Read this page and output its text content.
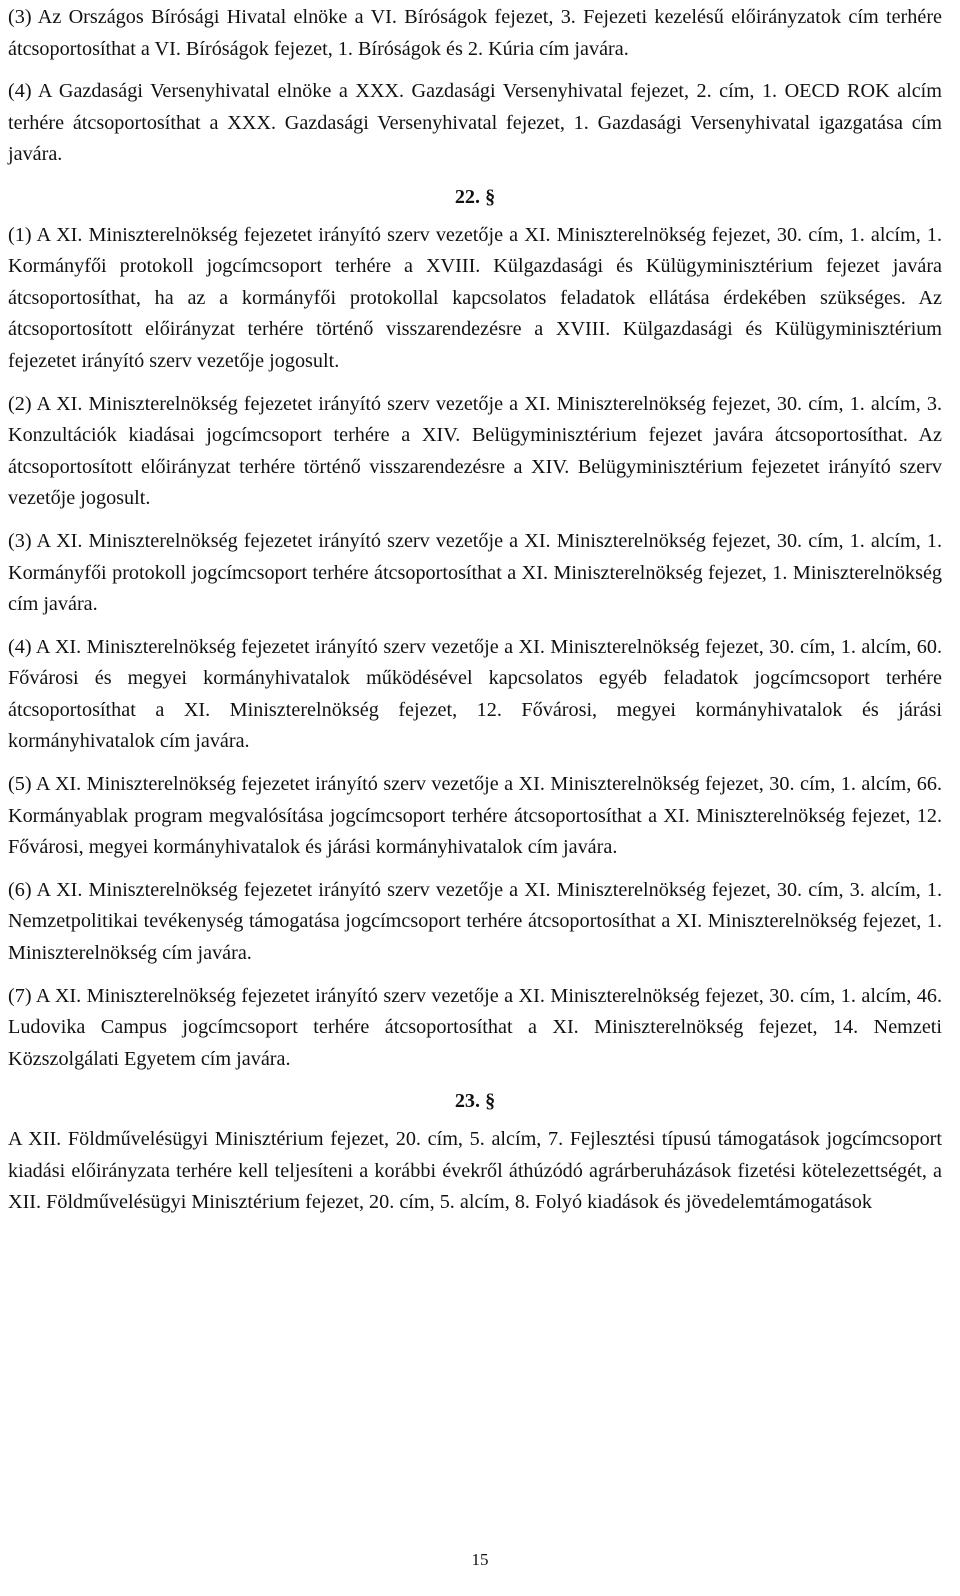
(3) Az Országos Bírósági Hivatal elnöke a VI. Bíróságok fejezet, 3. Fejezeti kezelésű előirányzatok cím terhére átcsoportosíthat a VI. Bíróságok fejezet, 1. Bíróságok és 2. Kúria cím javára.

(4) A Gazdasági Versenyhivatal elnöke a XXX. Gazdasági Versenyhivatal fejezet, 2. cím, 1. OECD ROK alcím terhére átcsoportosíthat a XXX. Gazdasági Versenyhivatal fejezet, 1. Gazdasági Versenyhivatal igazgatása cím javára.

22. §

(1) A XI. Miniszterelnökség fejezetet irányító szerv vezetője a XI. Miniszterelnökség fejezet, 30. cím, 1. alcím, 1. Kormányfői protokoll jogcímcsoport terhére a XVIII. Külgazdasági és Külügyminisztérium fejezet javára átcsoportosíthat, ha az a kormányfői protokollal kapcsolatos feladatok ellátása érdekében szükséges. Az átcsoportosított előirányzat terhére történő visszarendezésre a XVIII. Külgazdasági és Külügyminisztérium fejezetet irányító szerv vezetője jogosult.

(2) A XI. Miniszterelnökség fejezetet irányító szerv vezetője a XI. Miniszterelnökség fejezet, 30. cím, 1. alcím, 3. Konzultációk kiadásai jogcímcsoport terhére a XIV. Belügyminisztérium fejezet javára átcsoportosíthat. Az átcsoportosított előirányzat terhére történő visszarendezésre a XIV. Belügyminisztérium fejezetet irányító szerv vezetője jogosult.

(3) A XI. Miniszterelnökség fejezetet irányító szerv vezetője a XI. Miniszterelnökség fejezet, 30. cím, 1. alcím, 1. Kormányfői protokoll jogcímcsoport terhére átcsoportosíthat a XI. Miniszterelnökség fejezet, 1. Miniszterelnökség cím javára.

(4) A XI. Miniszterelnökség fejezetet irányító szerv vezetője a XI. Miniszterelnökség fejezet, 30. cím, 1. alcím, 60. Fővárosi és megyei kormányhivatalok működésével kapcsolatos egyéb feladatok jogcímcsoport terhére átcsoportosíthat a XI. Miniszterelnökség fejezet, 12. Fővárosi, megyei kormányhivatalok és járási kormányhivatalok cím javára.

(5) A XI. Miniszterelnökség fejezetet irányító szerv vezetője a XI. Miniszterelnökség fejezet, 30. cím, 1. alcím, 66. Kormányablak program megvalósítása jogcímcsoport terhére átcsoportosíthat a XI. Miniszterelnökség fejezet, 12. Fővárosi, megyei kormányhivatalok és járási kormányhivatalok cím javára.

(6) A XI. Miniszterelnökség fejezetet irányító szerv vezetője a XI. Miniszterelnökség fejezet, 30. cím, 3. alcím, 1. Nemzetpolitikai tevékenység támogatása jogcímcsoport terhére átcsoportosíthat a XI. Miniszterelnökség fejezet, 1. Miniszterelnökség cím javára.

(7) A XI. Miniszterelnökség fejezetet irányító szerv vezetője a XI. Miniszterelnökség fejezet, 30. cím, 1. alcím, 46. Ludovika Campus jogcímcsoport terhére átcsoportosíthat a XI. Miniszterelnökség fejezet, 14. Nemzeti Közszolgálati Egyetem cím javára.

23. §

A XII. Földművelésügyi Minisztérium fejezet, 20. cím, 5. alcím, 7. Fejlesztési típusú támogatások jogcímcsoport kiadási előirányzata terhére kell teljesíteni a korábbi évekről áthúzódó agrárberuházások fizetési kötelezettségét, a XII. Földművelésügyi Minisztérium fejezet, 20. cím, 5. alcím, 8. Folyó kiadások és jövedelemtámogatások

15
